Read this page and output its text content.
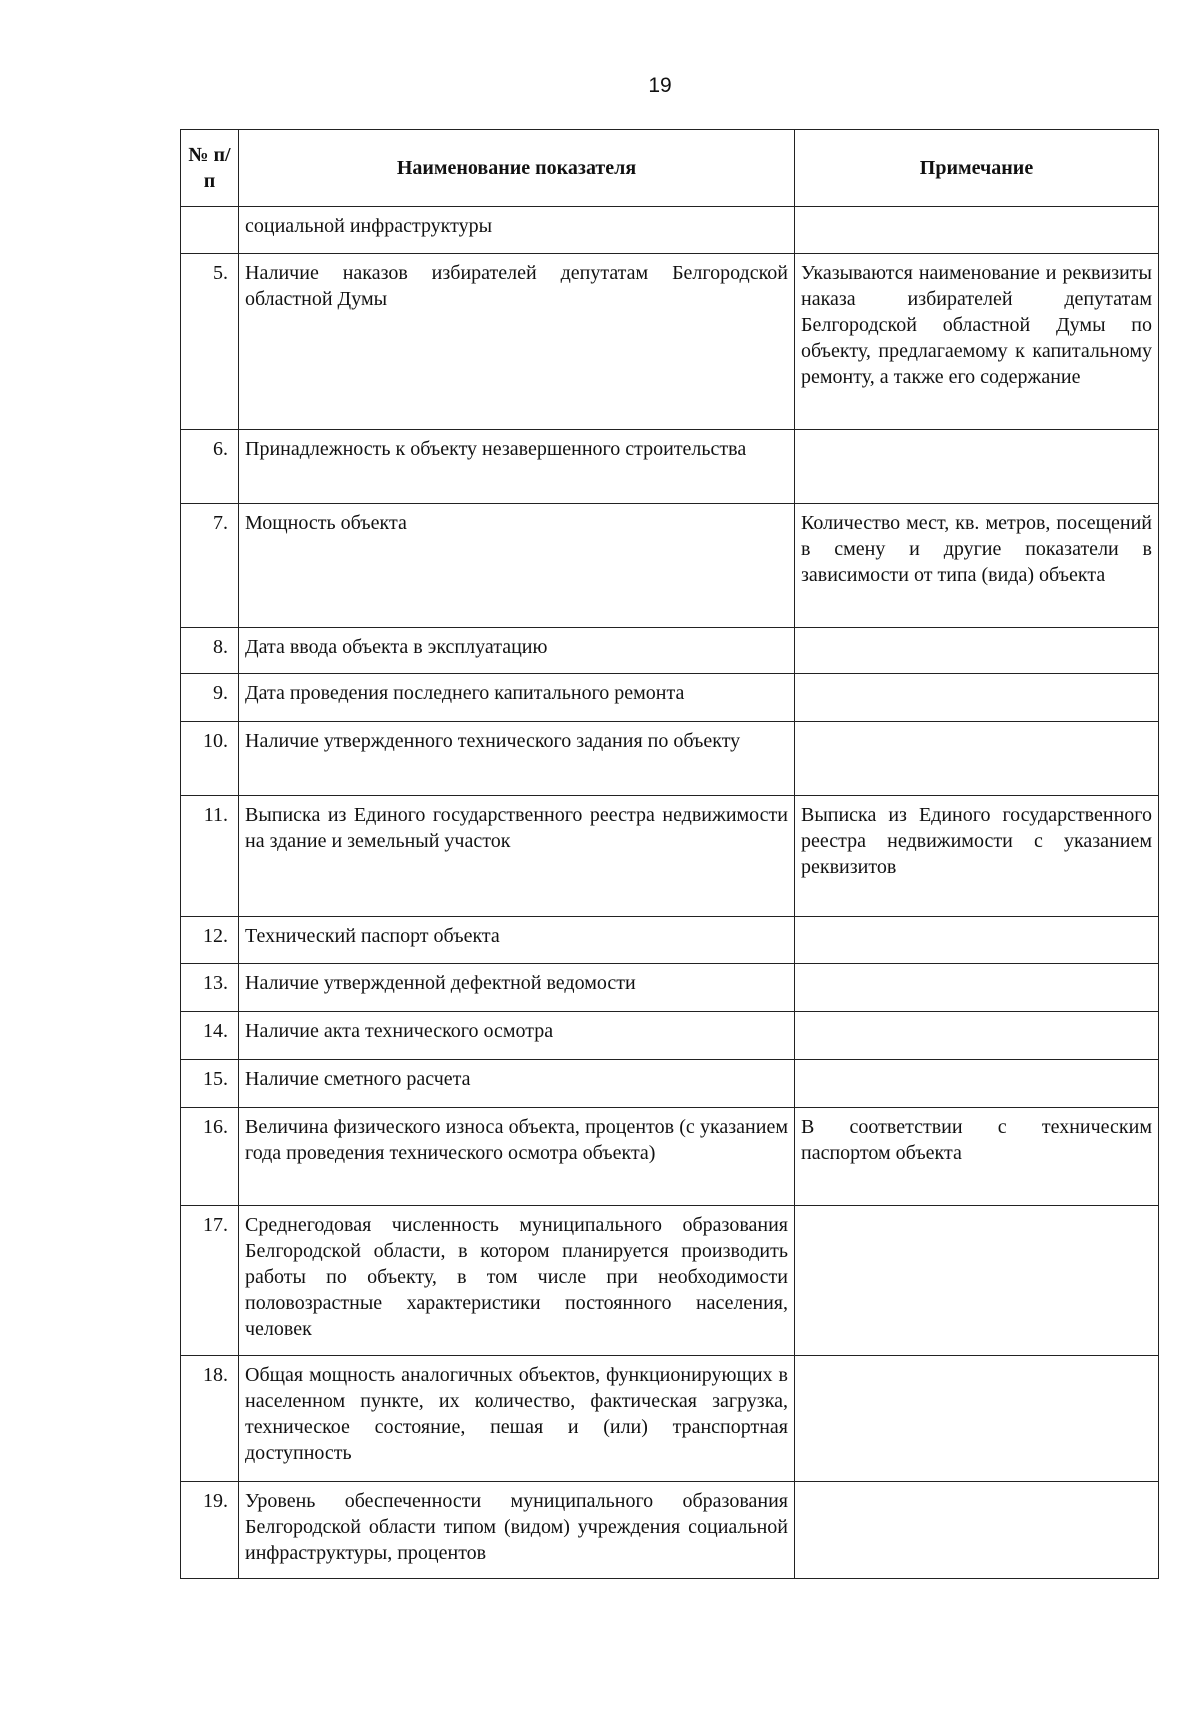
19
№ п/п	Наименование показателя	Примечание
	социальной инфраструктуры	
5.	Наличие наказов избирателей депутатам Белгородской областной Думы	Указываются наименование и реквизиты наказа избирателей депутатам Белгородской областной Думы по объекту, предлагаемому к капитальному ремонту, а также его содержание
6.	Принадлежность к объекту незавершенного строительства	
7.	Мощность объекта	Количество мест, кв. метров, посещений в смену и другие показатели в зависимости от типа (вида) объекта
8.	Дата ввода объекта в эксплуатацию	
9.	Дата проведения последнего капитального ремонта	
10.	Наличие утвержденного технического задания по объекту	
11.	Выписка из Единого государственного реестра недвижимости на здание и земельный участок	Выписка из Единого государственного реестра недвижимости с указанием реквизитов
12.	Технический паспорт объекта	
13.	Наличие утвержденной дефектной ведомости	
14.	Наличие акта технического осмотра	
15.	Наличие сметного расчета	
16.	Величина физического износа объекта, процентов (с указанием года проведения технического осмотра объекта)	В соответствии с техническим паспортом объекта
17.	Среднегодовая численность муниципального образования Белгородской области, в котором планируется производить работы по объекту, в том числе при необходимости половозрастные характеристики постоянного населения, человек	
18.	Общая мощность аналогичных объектов, функционирующих в населенном пункте, их количество, фактическая загрузка, техническое состояние, пешая и (или) транспортная доступность	
19.	Уровень обеспеченности муниципального образования Белгородской области типом (видом) учреждения социальной инфраструктуры, процентов	
